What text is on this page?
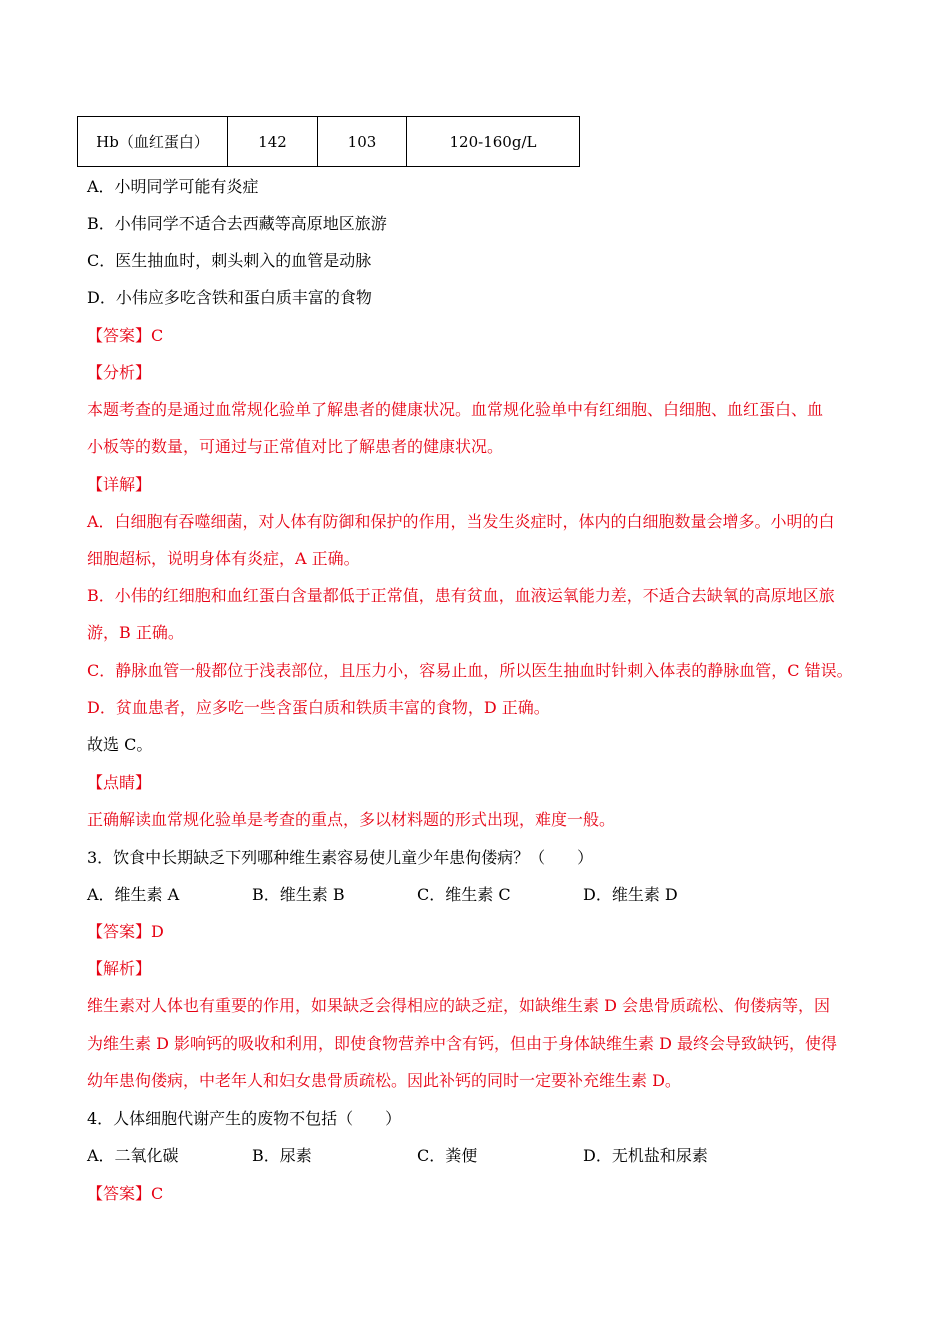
Hb（血红蛋白）	142	103	120-160g/L
A．小明同学可能有炎症
B．小伟同学不适合去西藏等高原地区旅游
C．医生抽血时，刺头刺入的血管是动脉
D．小伟应多吃含铁和蛋白质丰富的食物
【答案】C
【分析】
本题考查的是通过血常规化验单了解患者的健康状况。血常规化验单中有红细胞、白细胞、血红蛋白、血
小板等的数量，可通过与正常值对比了解患者的健康状况。
【详解】
A．白细胞有吞噬细菌，对人体有防御和保护的作用，当发生炎症时，体内的白细胞数量会增多。小明的白
细胞超标，说明身体有炎症，A 正确。
B．小伟的红细胞和血红蛋白含量都低于正常值，患有贫血，血液运氧能力差，不适合去缺氧的高原地区旅
游，B 正确。
C．静脉血管一般都位于浅表部位，且压力小，容易止血，所以医生抽血时针刺入体表的静脉血管，C 错误。
D．贫血患者，应多吃一些含蛋白质和铁质丰富的食物，D 正确。
故选 C。
【点睛】
正确解读血常规化验单是考查的重点，多以材料题的形式出现，难度一般。
3．饮食中长期缺乏下列哪种维生素容易使儿童少年患佝偻病？（　　）
A．维生素 A	B．维生素 B	C．维生素 C	D．维生素 D
【答案】D
【解析】
维生素对人体也有重要的作用，如果缺乏会得相应的缺乏症，如缺维生素 D 会患骨质疏松、佝偻病等，因
为维生素 D 影响钙的吸收和利用，即使食物营养中含有钙，但由于身体缺维生素 D 最终会导致缺钙，使得
幼年患佝偻病，中老年人和妇女患骨质疏松。因此补钙的同时一定要补充维生素 D。
4．人体细胞代谢产生的废物不包括（　　）
A．二氧化碳	B．尿素	C．粪便	D．无机盐和尿素
【答案】C
